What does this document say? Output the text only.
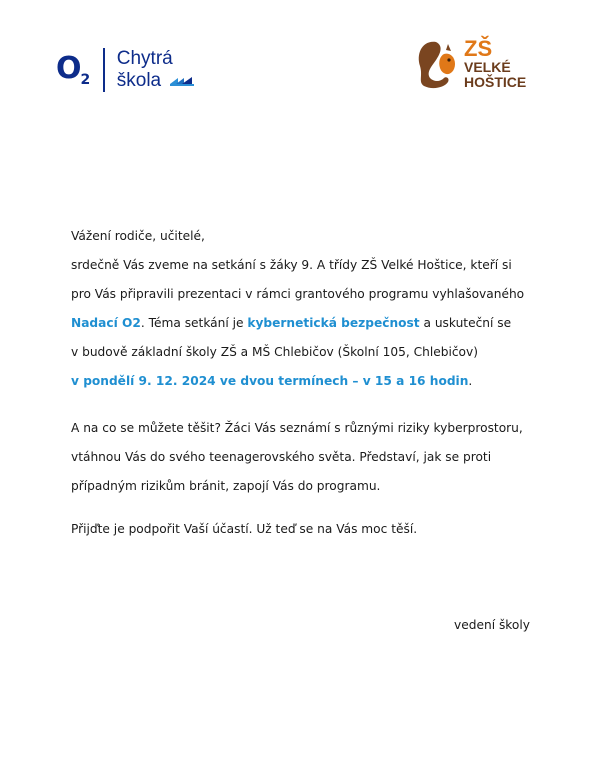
$O_2$
Chytrá
škola
ZŠ
VELKÉ
HOŠTICE

Vážení rodiče, učitelé,

srdečně Vás zveme na setkání s žáky 9. A třídy ZŠ Velké Hoštice, kteří si

pro Vás připravili prezentaci v rámci grantového programu vyhlašovaného

Nadací O2. Téma setkání je kybernetická bezpečnost a uskuteční se

v budově základní školy ZŠ a MŠ Chlebičov (Školní 105, Chlebičov)

v pondělí 9. 12. 2024 ve dvou termínech – v 15 a 16 hodin.

A na co se můžete těšit? Žáci Vás seznámí s různými riziky kyberprostoru,

vtáhnou Vás do svého teenagerovského světa. Představí, jak se proti

případným rizikům bránit, zapojí Vás do programu.

Přijďte je podpořit Vaší účastí. Už teď se na Vás moc těší.

vedení školy
